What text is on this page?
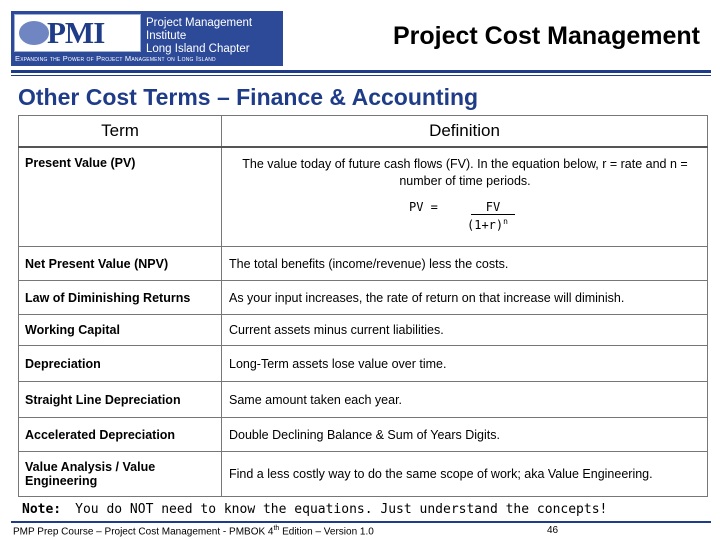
PMI	Project Management Institute
Long Island Chapter
Expanding the Power of Project Management on Long Island
Project Cost Management
Other Cost Terms – Finance & Accounting
Term	Definition
Present Value (PV)	The value today of future cash flows (FV). In the equation below, r = rate and n = number of time periods.
PV = FV
$(1+r)^n$

Net Present Value (NPV)	The total benefits (income/revenue) less the costs.
Law of Diminishing Returns	As your input increases, the rate of return on that increase will diminish.
Working Capital	Current assets minus current liabilities.
Depreciation	Long-Term assets lose value over time.
Straight Line Depreciation	Same amount taken each year.
Accelerated Depreciation	Double Declining Balance & Sum of Years Digits.
Value Analysis / Value Engineering	Find a less costly way to do the same scope of work; aka Value Engineering.
Note: You do NOT need to know the equations. Just understand the concepts!
PMP Prep Course – Project Cost Management - PMBOK 4th Edition – Version 1.0	46
